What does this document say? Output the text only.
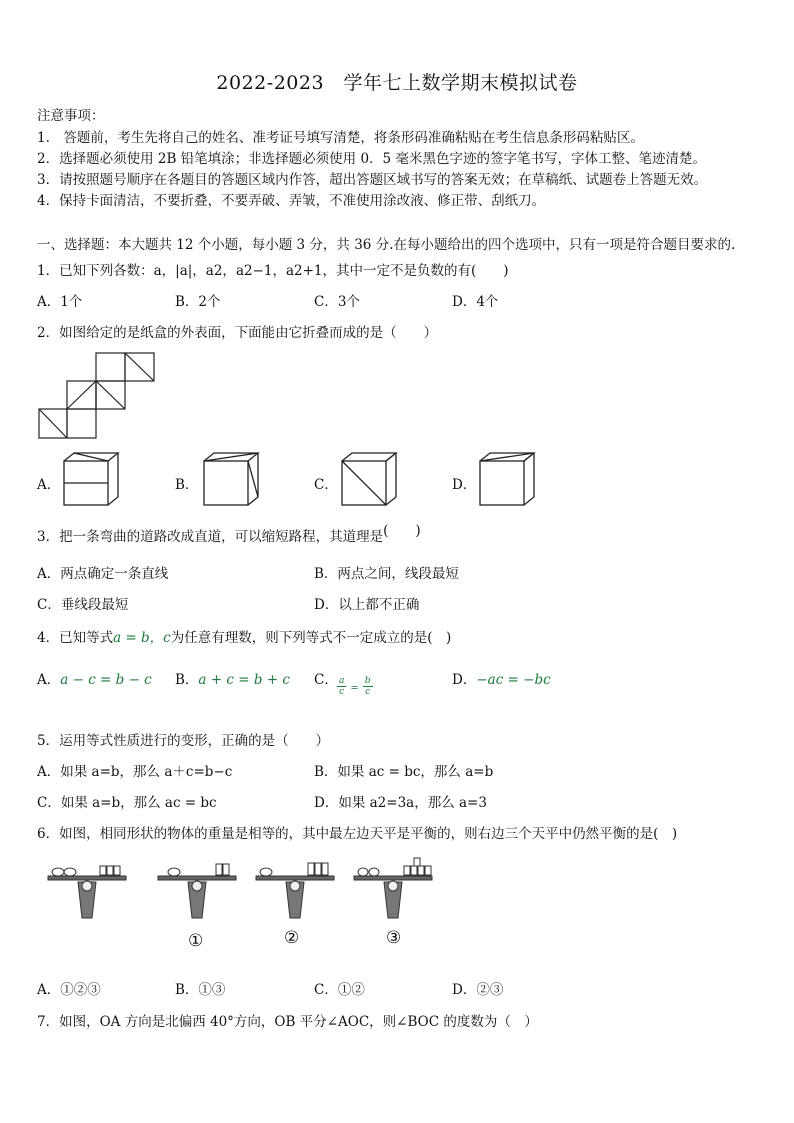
2022-2023　学年七上数学期末模拟试卷
注意事项：
1.　答题前，考生先将自己的姓名、准考证号填写清楚，将条形码准确粘贴在考生信息条形码粘贴区。
2．选择题必须使用 2B 铅笔填涂；非选择题必须使用 0．5 毫米黑色字迹的签字笔书写，字体工整、笔迹清楚。
3．请按照题号顺序在各题目的答题区域内作答，超出答题区域书写的答案无效；在草稿纸、试题卷上答题无效。
4．保持卡面清洁，不要折叠，不要弄破、弄皱，不准使用涂改液、修正带、刮纸刀。
一、选择题：本大题共 12 个小题，每小题 3 分，共 36 分.在每小题给出的四个选项中，只有一项是符合题目要求的.
1．已知下列各数：a，|a|，a2，a2−1，a2+1，其中一定不是负数的有(　　)
A．1个	B．2个	C．3个	D．4个
2．如图给定的是纸盒的外表面，下面能由它折叠而成的是（　　）
A．	B．	C．	D．
3．把一条弯曲的道路改成直道，可以缩短路程，其道理是(　　)
A．两点确定一条直线	B．两点之间，线段最短
C．垂线段最短	D．以上都不正确
4．已知等式a = b，c为任意有理数，则下列等式不一定成立的是(　)
A．a − c = b − c B．a + c = b + c C． $\frac{a}{c} = \frac{b}{c}$	D．−ac = −bc
5．运用等式性质进行的变形，正确的是（　　）
A．如果 a=b，那么 a＋c=b−c	B．如果 ac = bc，那么 a=b
C．如果 a=b，那么 ac = bc	D．如果 a2=3a，那么 a=3
6．如图，相同形状的物体的重量是相等的，其中最左边天平是平衡的，则右边三个天平中仍然平衡的是(　)
①	②	③
A．①②③	B．①③	C．①②	D．②③
7．如图，OA 方向是北偏西 40°方向，OB 平分∠AOC，则∠BOC 的度数为（　）
